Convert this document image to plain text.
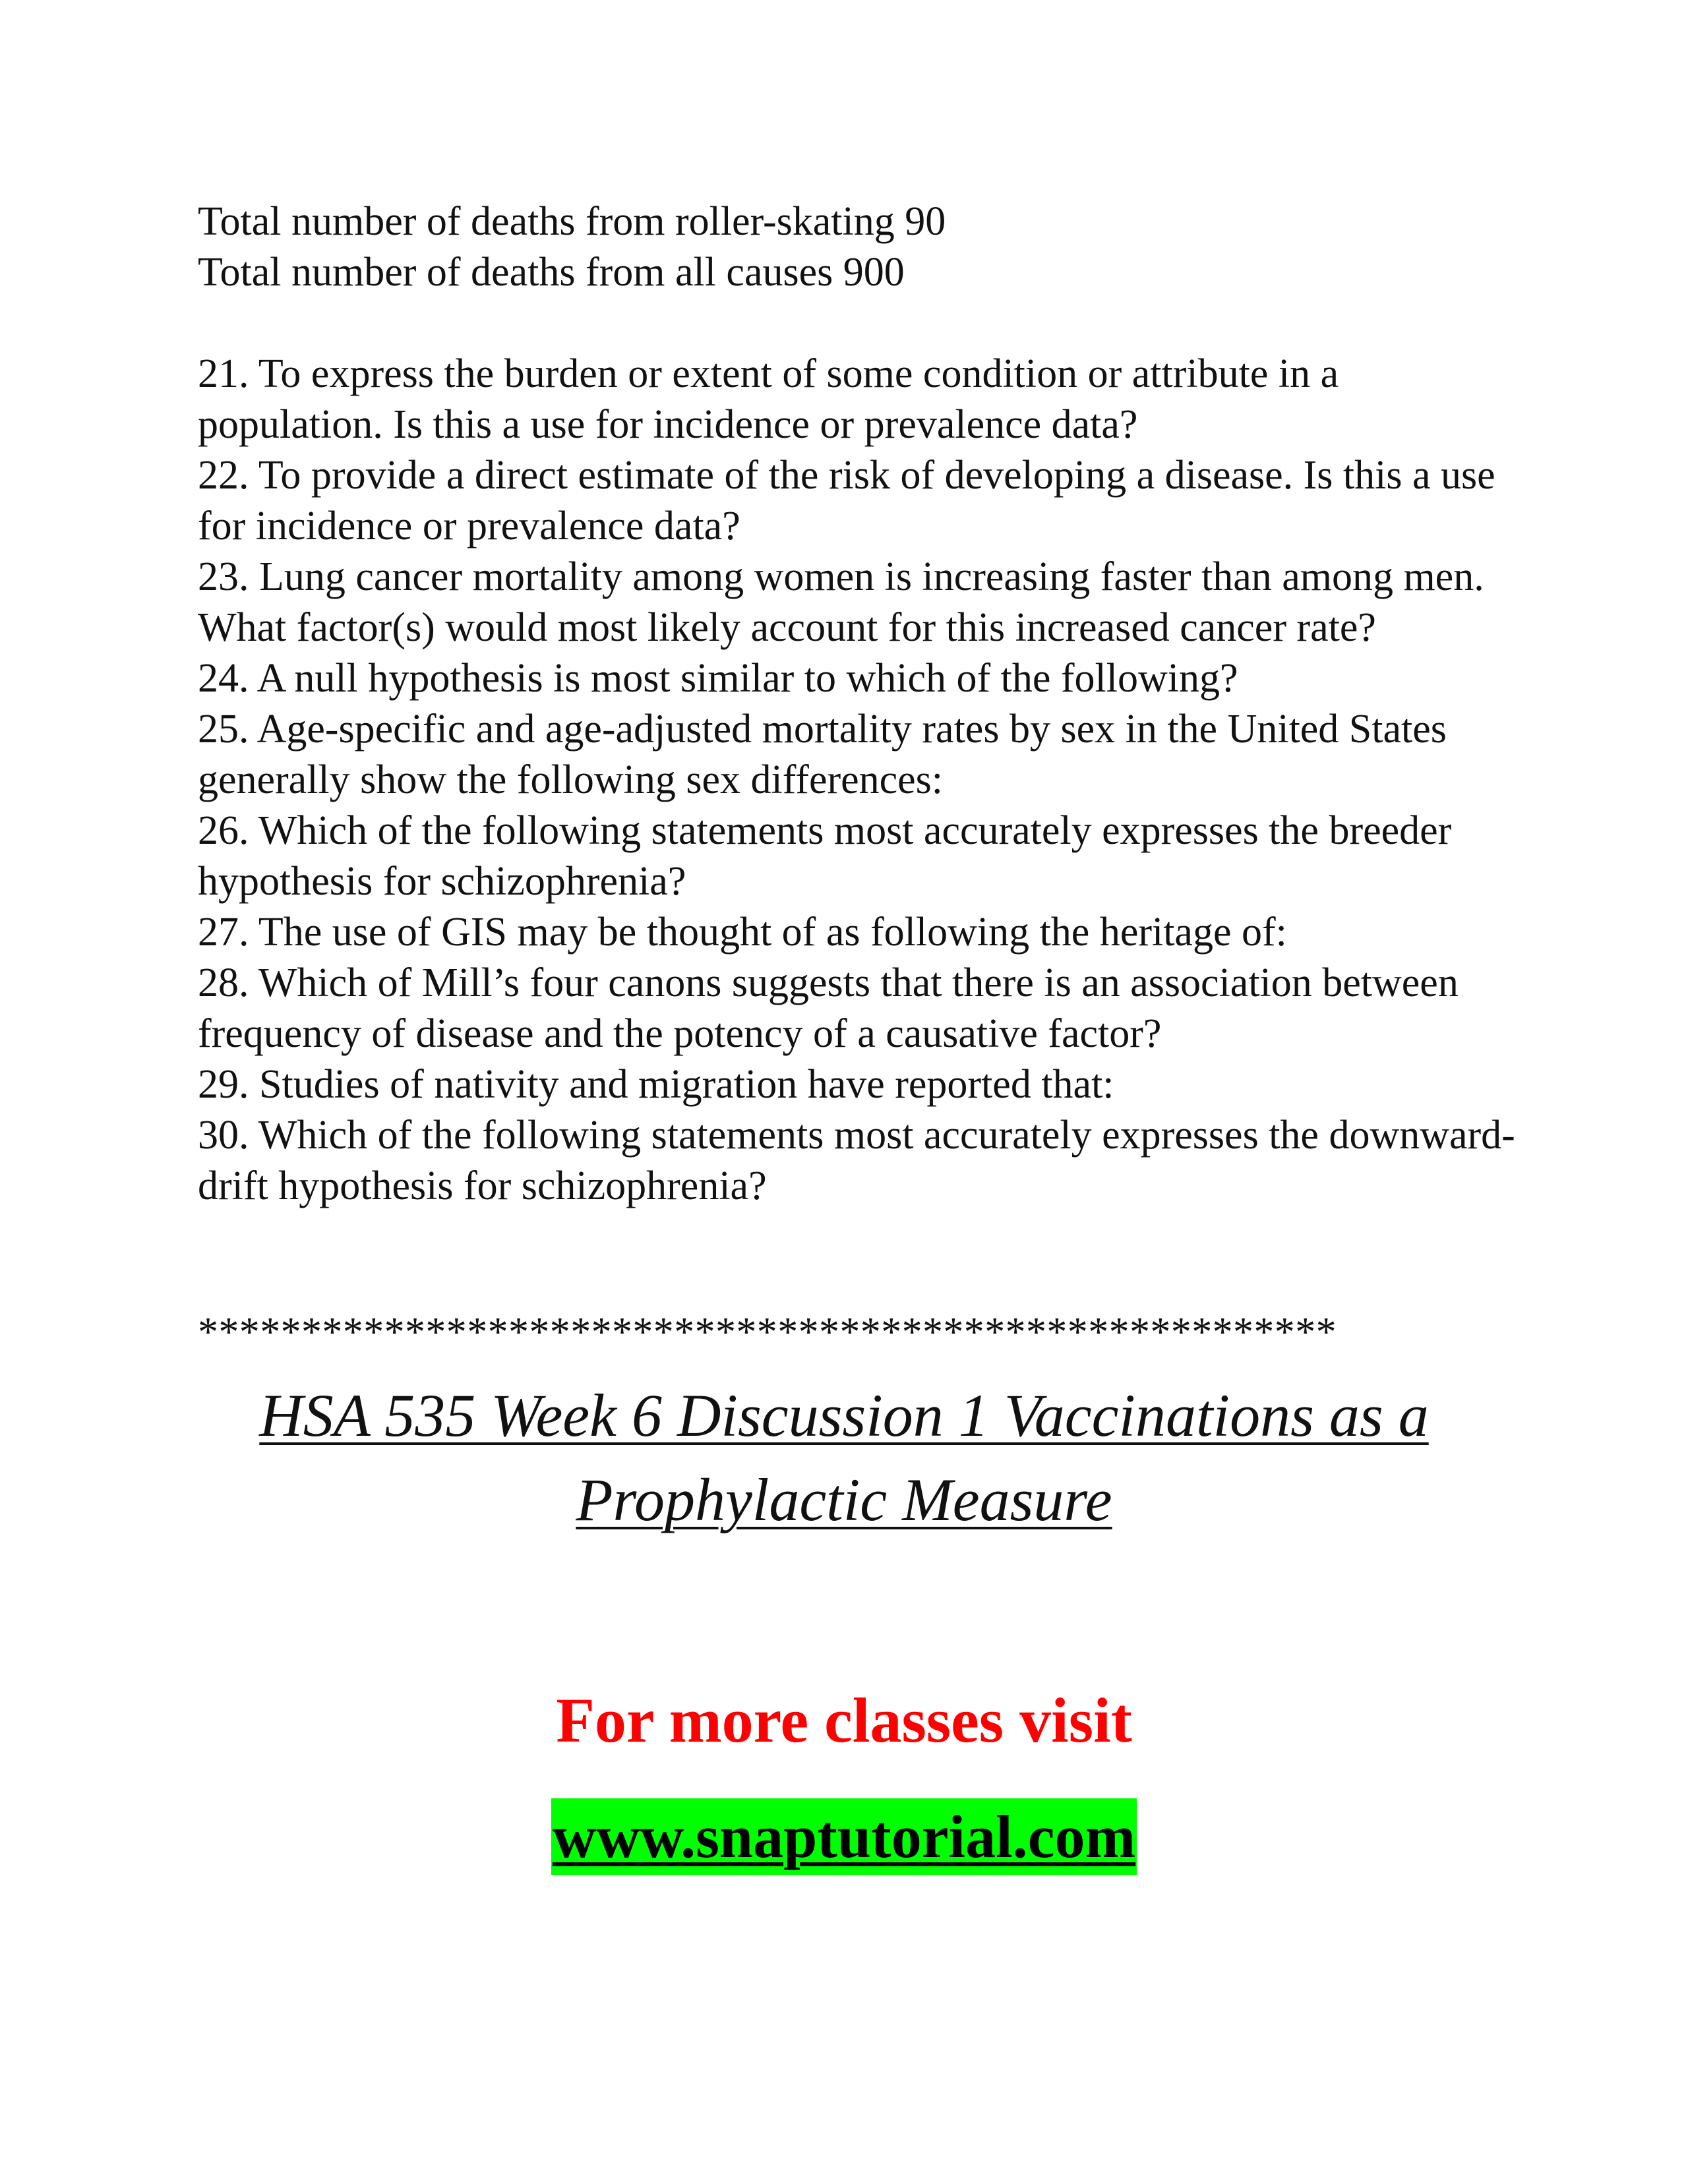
Total number of deaths from roller-skating 90

Total number of deaths from all causes 900

21. To express the burden or extent of some condition or attribute in a population. Is this a use for incidence or prevalence data?

22. To provide a direct estimate of the risk of developing a disease. Is this a use for incidence or prevalence data?

23. Lung cancer mortality among women is increasing faster than among men. What factor(s) would most likely account for this increased cancer rate?

24. A null hypothesis is most similar to which of the following?

25. Age-specific and age-adjusted mortality rates by sex in the United States generally show the following sex differences:

26. Which of the following statements most accurately expresses the breeder hypothesis for schizophrenia?

27. The use of GIS may be thought of as following the heritage of:

28. Which of Mill’s four canons suggests that there is an association between frequency of disease and the potency of a causative factor?

29. Studies of nativity and migration have reported that:

30. Which of the following statements most accurately expresses the downward-drift hypothesis for schizophrenia?

*******************************************************
HSA 535 Week 6 Discussion 1 Vaccinations as a Prophylactic Measure
For more classes visit
www.snaptutorial.com
